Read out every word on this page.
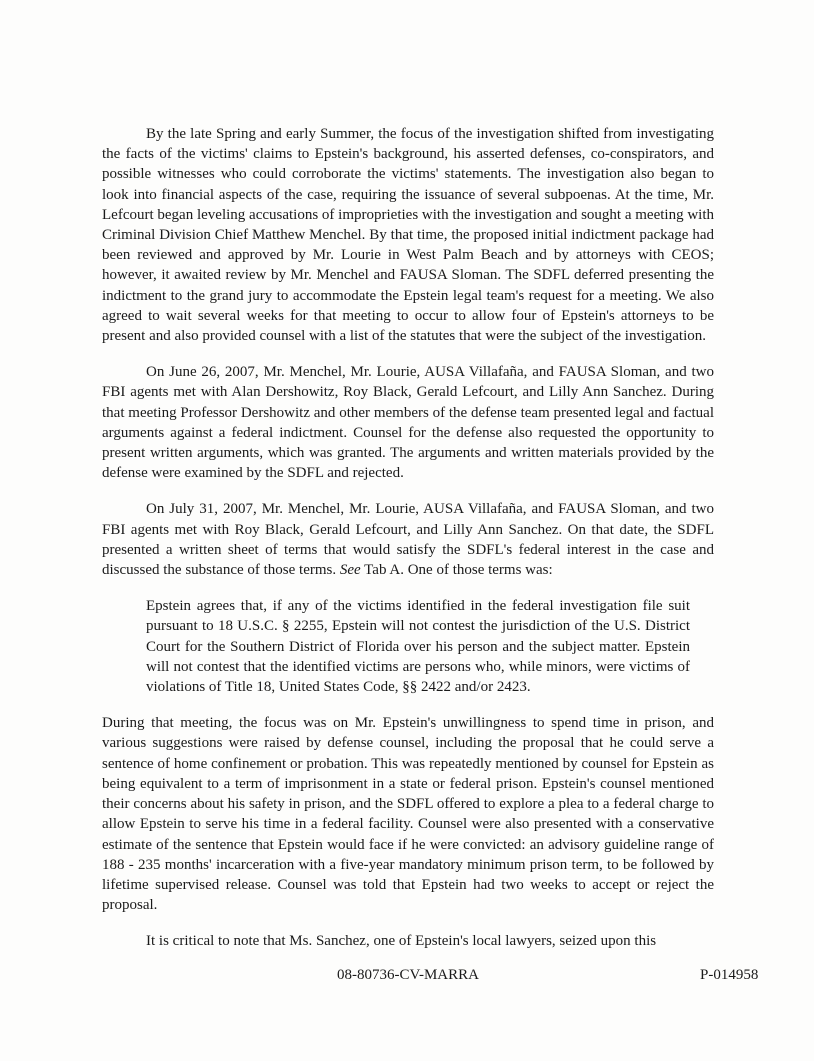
By the late Spring and early Summer, the focus of the investigation shifted from investigating the facts of the victims' claims to Epstein's background, his asserted defenses, co-conspirators, and possible witnesses who could corroborate the victims' statements. The investigation also began to look into financial aspects of the case, requiring the issuance of several subpoenas. At the time, Mr. Lefcourt began leveling accusations of improprieties with the investigation and sought a meeting with Criminal Division Chief Matthew Menchel. By that time, the proposed initial indictment package had been reviewed and approved by Mr. Lourie in West Palm Beach and by attorneys with CEOS; however, it awaited review by Mr. Menchel and FAUSA Sloman. The SDFL deferred presenting the indictment to the grand jury to accommodate the Epstein legal team's request for a meeting. We also agreed to wait several weeks for that meeting to occur to allow four of Epstein's attorneys to be present and also provided counsel with a list of the statutes that were the subject of the investigation.

On June 26, 2007, Mr. Menchel, Mr. Lourie, AUSA Villafaña, and FAUSA Sloman, and two FBI agents met with Alan Dershowitz, Roy Black, Gerald Lefcourt, and Lilly Ann Sanchez. During that meeting Professor Dershowitz and other members of the defense team presented legal and factual arguments against a federal indictment. Counsel for the defense also requested the opportunity to present written arguments, which was granted. The arguments and written materials provided by the defense were examined by the SDFL and rejected.

On July 31, 2007, Mr. Menchel, Mr. Lourie, AUSA Villafaña, and FAUSA Sloman, and two FBI agents met with Roy Black, Gerald Lefcourt, and Lilly Ann Sanchez. On that date, the SDFL presented a written sheet of terms that would satisfy the SDFL's federal interest in the case and discussed the substance of those terms. See Tab A. One of those terms was:

Epstein agrees that, if any of the victims identified in the federal investigation file suit pursuant to 18 U.S.C. § 2255, Epstein will not contest the jurisdiction of the U.S. District Court for the Southern District of Florida over his person and the subject matter. Epstein will not contest that the identified victims are persons who, while minors, were victims of violations of Title 18, United States Code, §§ 2422 and/or 2423.

During that meeting, the focus was on Mr. Epstein's unwillingness to spend time in prison, and various suggestions were raised by defense counsel, including the proposal that he could serve a sentence of home confinement or probation. This was repeatedly mentioned by counsel for Epstein as being equivalent to a term of imprisonment in a state or federal prison. Epstein's counsel mentioned their concerns about his safety in prison, and the SDFL offered to explore a plea to a federal charge to allow Epstein to serve his time in a federal facility. Counsel were also presented with a conservative estimate of the sentence that Epstein would face if he were convicted: an advisory guideline range of 188 - 235 months' incarceration with a five-year mandatory minimum prison term, to be followed by lifetime supervised release. Counsel was told that Epstein had two weeks to accept or reject the proposal.

It is critical to note that Ms. Sanchez, one of Epstein's local lawyers, seized upon this

08-80736-CV-MARRA	P-014958
